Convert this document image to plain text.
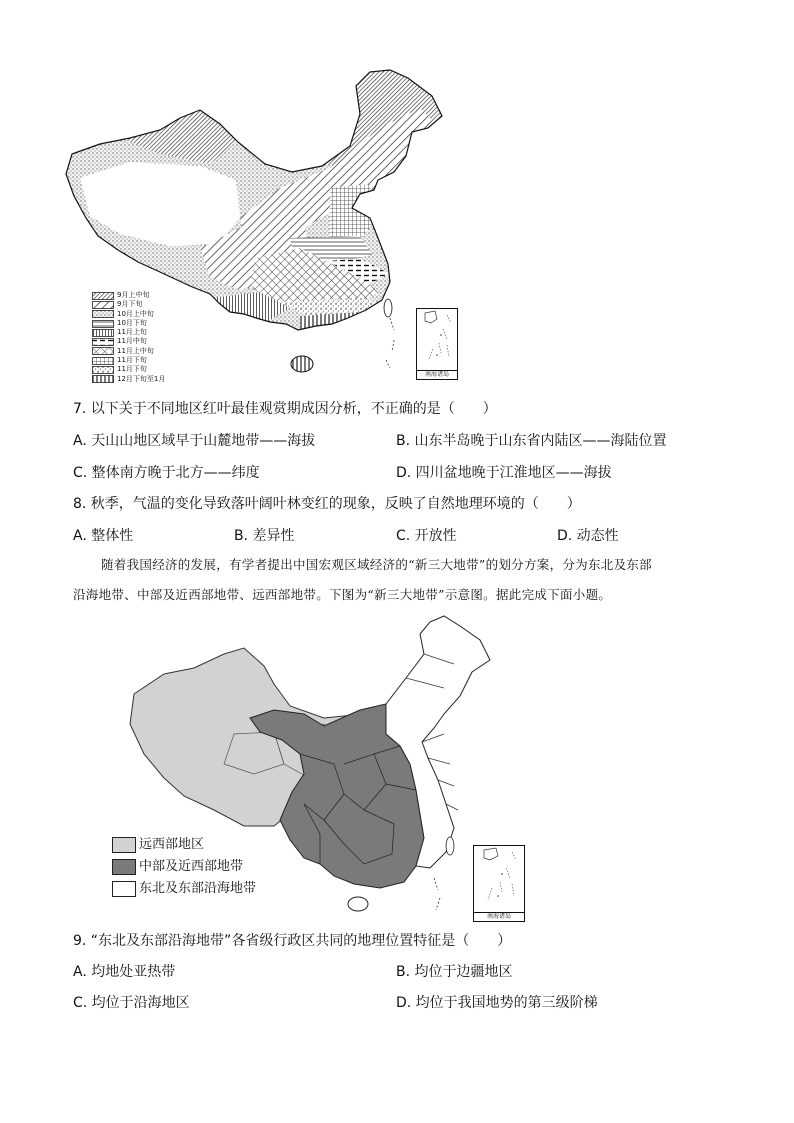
9月上中旬
9月下旬
10月上中旬
10月下旬
11月上旬
11月中旬
11月上中旬
11月下旬
11月下旬
12月下旬至1月
南海诸岛
7. 以下关于不同地区红叶最佳观赏期成因分析，不正确的是（　　）
A. 天山山地区域早于山麓地带——海拔	B. 山东半岛晚于山东省内陆区——海陆位置
C. 整体南方晚于北方——纬度	D. 四川盆地晚于江淮地区——海拔
8. 秋季，气温的变化导致落叶阔叶林变红的现象，反映了自然地理环境的（　　）
A. 整体性	B. 差异性	C. 开放性	D. 动态性
随着我国经济的发展，有学者提出中国宏观区域经济的“新三大地带”的划分方案，分为东北及东部
沿海地带、中部及近西部地带、远西部地带。下图为“新三大地带”示意图。据此完成下面小题。
远西部地区
中部及近西部地带
东北及东部沿海地带
南海诸岛
9. “东北及东部沿海地带”各省级行政区共同的地理位置特征是（　　）
A. 均地处亚热带	B. 均位于边疆地区
C. 均位于沿海地区	D. 均位于我国地势的第三级阶梯
